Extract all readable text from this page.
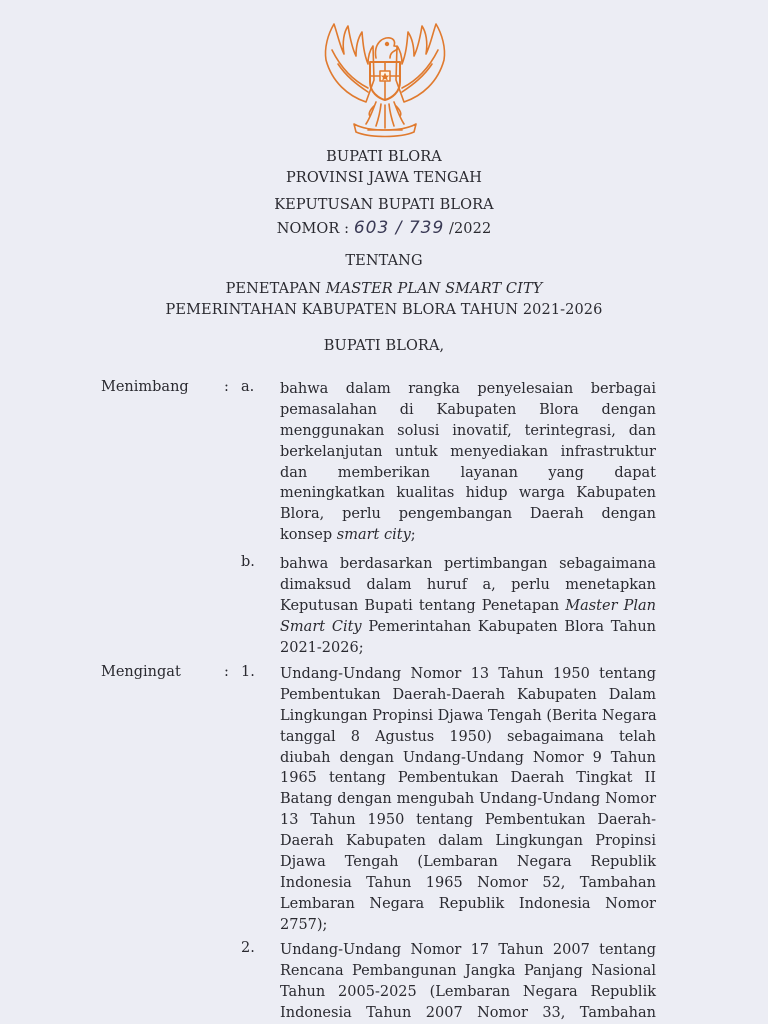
BUPATI BLORA
PROVINSI JAWA TENGAH
KEPUTUSAN BUPATI BLORA
NOMOR : 603 / 739 /2022
TENTANG
PENETAPAN MASTER PLAN SMART CITY
PEMERINTAHAN KABUPATEN BLORA TAHUN 2021-2026
BUPATI BLORA,
Menimbang : a. bahwa dalam rangka penyelesaian berbagai
pemasalahan di Kabupaten Blora dengan
menggunakan solusi inovatif, terintegrasi, dan
berkelanjutan untuk menyediakan infrastruktur
dan memberikan layanan yang dapat
meningkatkan kualitas hidup warga Kabupaten
Blora, perlu pengembangan Daerah dengan
konsep smart city;
b. bahwa berdasarkan pertimbangan sebagaimana
dimaksud dalam huruf a, perlu menetapkan
Keputusan Bupati tentang Penetapan Master Plan
Smart City Pemerintahan Kabupaten Blora Tahun
2021-2026;
Mengingat	: 1. Undang-Undang Nomor 13 Tahun 1950 tentang
Pembentukan Daerah-Daerah Kabupaten Dalam
Lingkungan Propinsi Djawa Tengah (Berita Negara
tanggal 8 Agustus 1950) sebagaimana telah
diubah dengan Undang-Undang Nomor 9 Tahun
1965 tentang Pembentukan Daerah Tingkat II
Batang dengan mengubah Undang-Undang Nomor
13 Tahun 1950 tentang Pembentukan Daerah-
Daerah Kabupaten dalam Lingkungan Propinsi
Djawa Tengah (Lembaran Negara Republik
Indonesia Tahun 1965 Nomor 52, Tambahan
Lembaran Negara Republik Indonesia Nomor
2757);
2. Undang-Undang Nomor 17 Tahun 2007 tentang
Rencana Pembangunan Jangka Panjang Nasional
Tahun 2005-2025 (Lembaran Negara Republik
Indonesia Tahun 2007 Nomor 33, Tambahan
